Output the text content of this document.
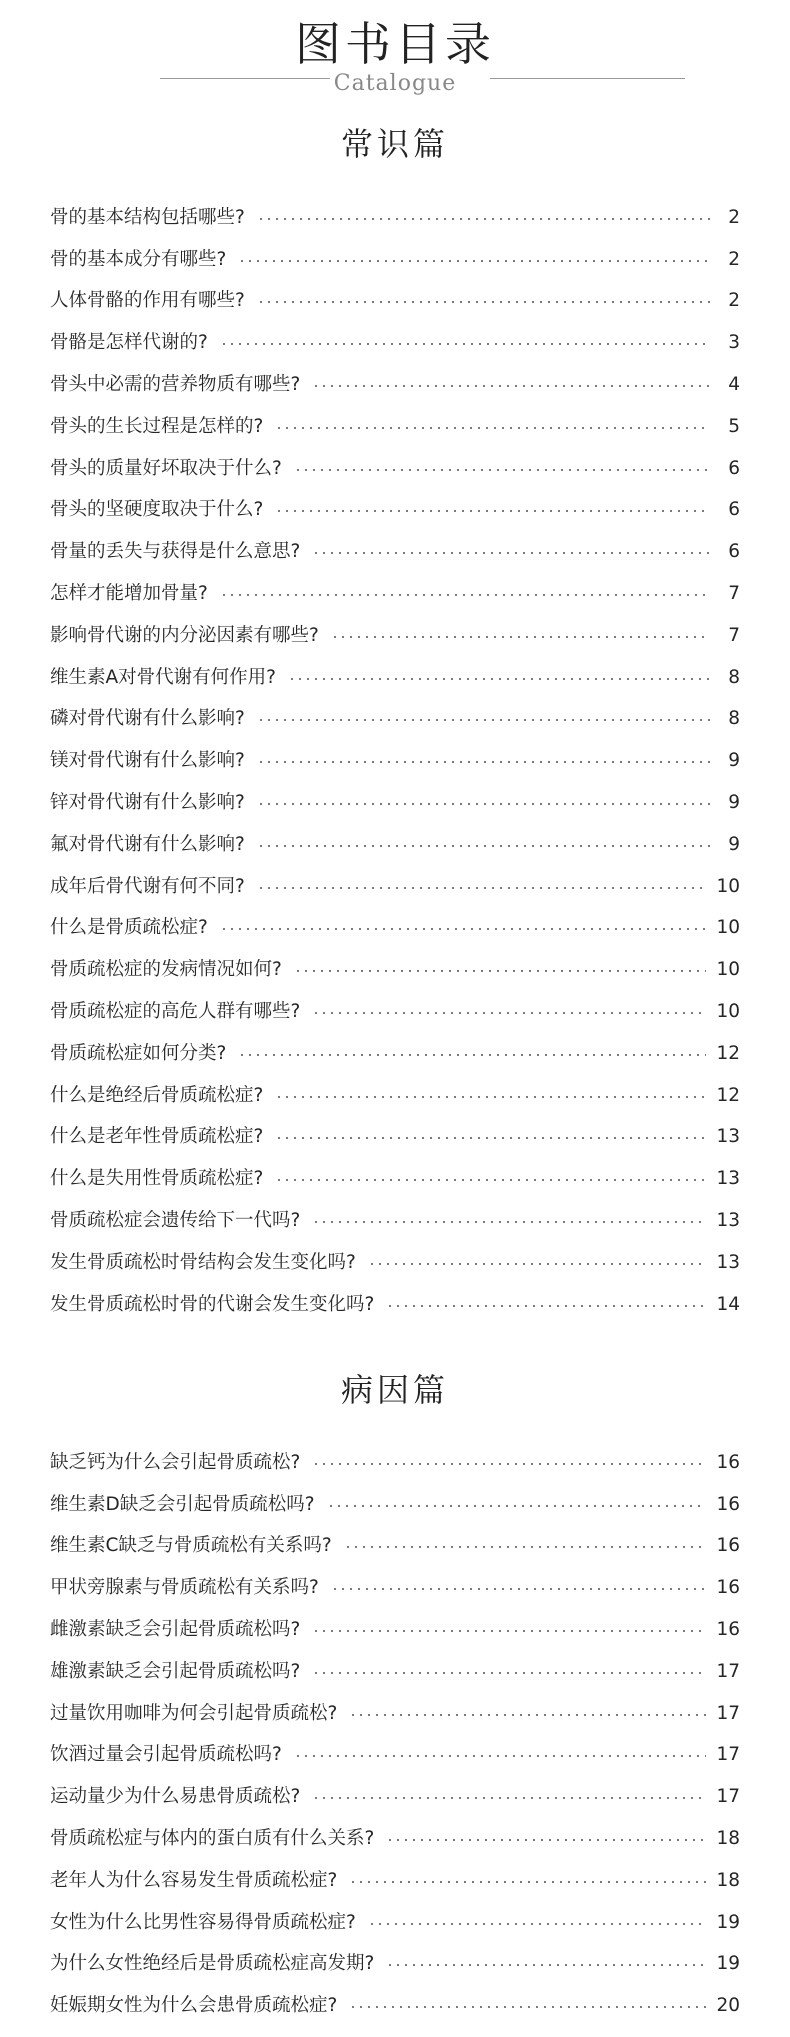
图书目录
Catalogue
常识篇
骨的基本结构包括哪些?	2
骨的基本成分有哪些?	2
人体骨骼的作用有哪些?	2
骨骼是怎样代谢的?	3
骨头中必需的营养物质有哪些?	4
骨头的生长过程是怎样的?	5
骨头的质量好坏取决于什么?	6
骨头的坚硬度取决于什么?	6
骨量的丢失与获得是什么意思?	6
怎样才能增加骨量?	7
影响骨代谢的内分泌因素有哪些?	7
维生素A对骨代谢有何作用?	8
磷对骨代谢有什么影响?	8
镁对骨代谢有什么影响?	9
锌对骨代谢有什么影响?	9
氟对骨代谢有什么影响?	9
成年后骨代谢有何不同?	10
什么是骨质疏松症?	10
骨质疏松症的发病情况如何?	10
骨质疏松症的高危人群有哪些?	10
骨质疏松症如何分类?	12
什么是绝经后骨质疏松症?	12
什么是老年性骨质疏松症?	13
什么是失用性骨质疏松症?	13
骨质疏松症会遗传给下一代吗?	13
发生骨质疏松时骨结构会发生变化吗?	13
发生骨质疏松时骨的代谢会发生变化吗?	14
病因篇
缺乏钙为什么会引起骨质疏松?	16
维生素D缺乏会引起骨质疏松吗?	16
维生素C缺乏与骨质疏松有关系吗?	16
甲状旁腺素与骨质疏松有关系吗?	16
雌激素缺乏会引起骨质疏松吗?	16
雄激素缺乏会引起骨质疏松吗?	17
过量饮用咖啡为何会引起骨质疏松?	17
饮酒过量会引起骨质疏松吗?	17
运动量少为什么易患骨质疏松?	17
骨质疏松症与体内的蛋白质有什么关系?	18
老年人为什么容易发生骨质疏松症?	18
女性为什么比男性容易得骨质疏松症?	19
为什么女性绝经后是骨质疏松症高发期?	19
妊娠期女性为什么会患骨质疏松症?	20
